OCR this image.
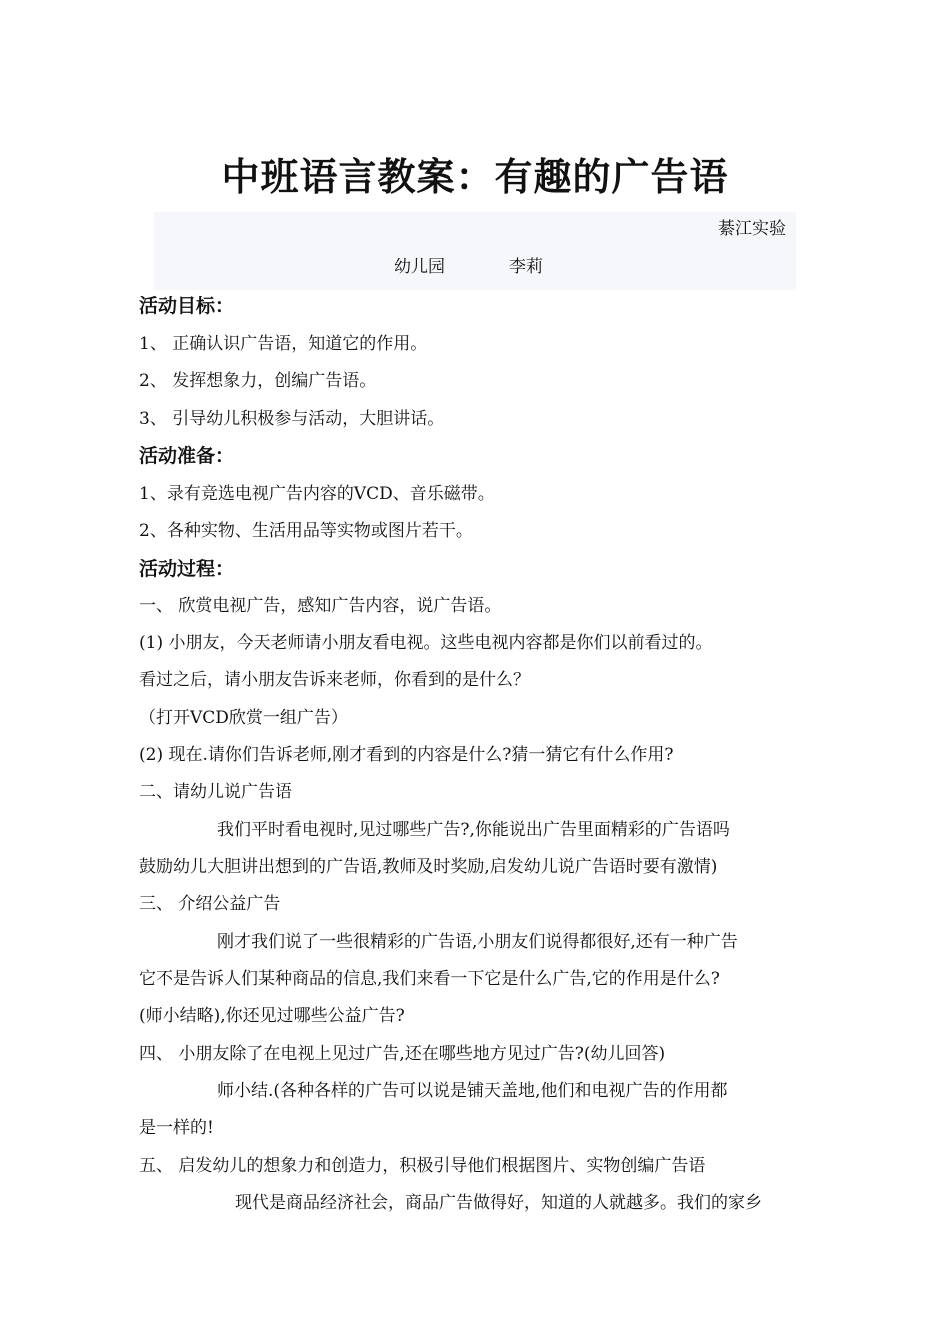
中班语言教案：有趣的广告语
綦江实验
幼儿园	李莉
活动目标：
1、 正确认识广告语，知道它的作用。
2、 发挥想象力，创编广告语。
3、 引导幼儿积极参与活动，大胆讲话。
活动准备：
1、录有竞选电视广告内容的VCD、音乐磁带。
2、各种实物、生活用品等实物或图片若干。
活动过程：
一、 欣赏电视广告，感知广告内容，说广告语。
(1) 小朋友，今天老师请小朋友看电视。这些电视内容都是你们以前看过的。
看过之后，请小朋友告诉来老师，你看到的是什么？
（打开VCD欣赏一组广告）
(2) 现在.请你们告诉老师,刚才看到的内容是什么?猜一猜它有什么作用?
二、请幼儿说广告语
我们平时看电视时,见过哪些广告?,你能说出广告里面精彩的广告语吗
鼓励幼儿大胆讲出想到的广告语,教师及时奖励,启发幼儿说广告语时要有激情)
三、 介绍公益广告
刚才我们说了一些很精彩的广告语,小朋友们说得都很好,还有一种广告
它不是告诉人们某种商品的信息,我们来看一下它是什么广告,它的作用是什么?
(师小结略),你还见过哪些公益广告?
四、 小朋友除了在电视上见过广告,还在哪些地方见过广告?(幼儿回答)
师小结.(各种各样的广告可以说是铺天盖地,他们和电视广告的作用都
是一样的!
五、 启发幼儿的想象力和创造力，积极引导他们根据图片、实物创编广告语
现代是商品经济社会，商品广告做得好，知道的人就越多。我们的家乡
